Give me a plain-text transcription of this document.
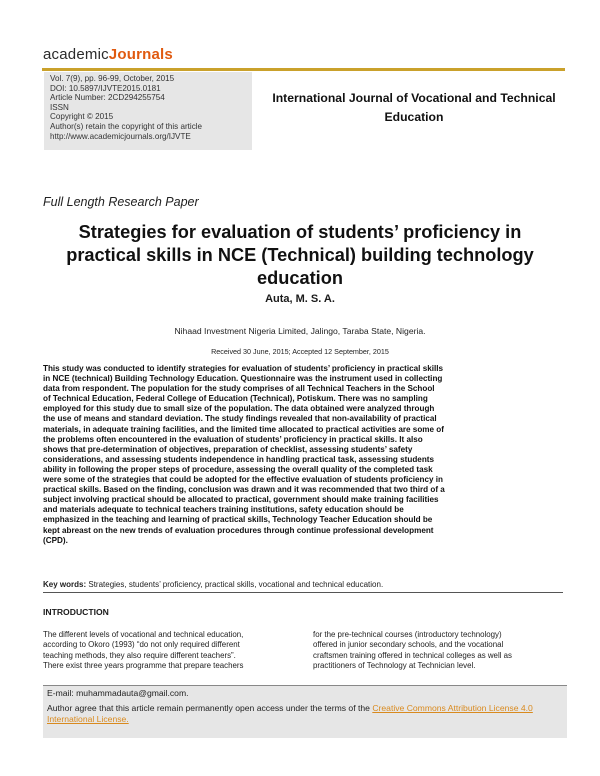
academicJournals
Vol. 7(9), pp. 96-99, October, 2015
DOI: 10.5897/IJVTE2015.0181
Article Number: 2CD294255754
ISSN
Copyright © 2015
Author(s) retain the copyright of this article
http://www.academicjournals.org/IJVTE
International Journal of Vocational and Technical
Education
Full Length Research Paper
Strategies for evaluation of students’ proficiency in
practical skills in NCE (Technical) building technology
education
Auta, M. S. A.
Nihaad Investment Nigeria Limited, Jalingo, Taraba State, Nigeria.
Received 30 June, 2015; Accepted 12 September, 2015
This study was conducted to identify strategies for evaluation of students’ proficiency in practical skills
in NCE (technical) Building Technology Education. Questionnaire was the instrument used in collecting
data from respondent. The population for the study comprises of all Technical Teachers in the School
of Technical Education, Federal College of Education (Technical), Potiskum. There was no sampling
employed for this study due to small size of the population. The data obtained were analyzed through
the use of means and standard deviation. The study findings revealed that non-availability of practical
materials, in adequate training facilities, and the limited time allocated to practical activities are some of
the problems often encountered in the evaluation of students’ proficiency in practical skills. It also
shows that pre-determination of objectives, preparation of checklist, assessing students’ safety
considerations, and assessing students independence in handling practical task, assessing students
ability in following the proper steps of procedure, assessing the overall quality of the completed task
were some of the strategies that could be adopted for the effective evaluation of students proficiency in
practical skills. Based on the finding, conclusion was drawn and it was recommended that two third of a
subject involving practical should be allocated to practical, government should make training facilities
and materials adequate to technical teachers training institutions, safety education should be
emphasized in the teaching and learning of practical skills, Technology Teacher Education should be
kept abreast on the new trends of evaluation procedures through continue professional development
(CPD).
Key words: Strategies, students’ proficiency, practical skills, vocational and technical education.
INTRODUCTION
The different levels of vocational and technical education,
according to Okoro (1993) “do not only required different
teaching methods, they also require different teachers”.
There exist three years programme that prepare teachers
for the pre-technical courses (introductory technology)
offered in junior secondary schools, and the vocational
craftsmen training offered in technical colleges as well as
practitioners of Technology at Technician level.
E-mail: muhammadauta@gmail.com.
Author agree that this article remain permanently open access under the terms of the Creative Commons Attribution License 4.0 International License.
